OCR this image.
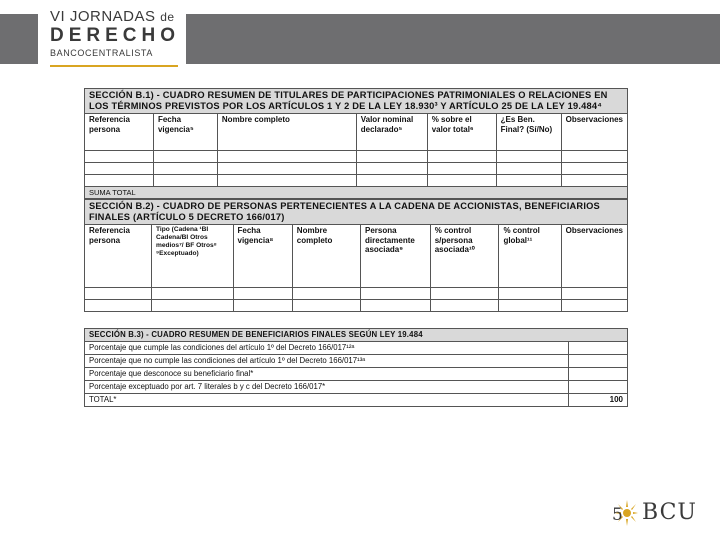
VI JORNADAS de
DERECHO
BANCOCENTRALISTA
SECCIÓN B.1) - CUADRO RESUMEN DE TITULARES DE PARTICIPACIONES PATRIMONIALES O RELACIONES EN LOS TÉRMINOS PREVISTOS POR LOS ARTÍCULOS 1 Y 2 DE LA LEY 18.930³ Y ARTÍCULO 25 DE LA LEY 19.484⁴						
Referencia persona	Fecha vigencia⁵	Nombre completo	Valor nominal declarado⁵	% sobre el valor total⁶	¿Es Ben. Final? (Sí/No)	Observaciones

SUMA TOTAL						
SECCIÓN B.2) - CUADRO DE PERSONAS PERTENECIENTES A LA CADENA DE ACCIONISTAS, BENEFICIARIOS FINALES (ARTÍCULO 5 DECRETO 166/017)							
Referencia persona	Tipo (Cadena ¹BI Cadena/BI Otros medios⁷/ BF Otros⁸ ⁹Exceptuado)	Fecha vigencia⁸	Nombre completo	Persona directamente asociada⁹	% control s/persona asociada¹⁰	% control global¹¹	Observaciones

SECCIÓN B.3) - CUADRO RESUMEN DE BENEFICIARIOS FINALES SEGÚN LEY 19.484	
Porcentaje que cumple las condiciones del artículo 1º del Decreto 166/017¹²ᵃ	
Porcentaje que no cumple las condiciones del artículo 1º del Decreto 166/017¹³ᵃ	
Porcentaje que desconoce su beneficiario final*	
Porcentaje exceptuado por art. 7 literales b y c del Decreto 166/017*	
TOTAL*	100
5 BCU
